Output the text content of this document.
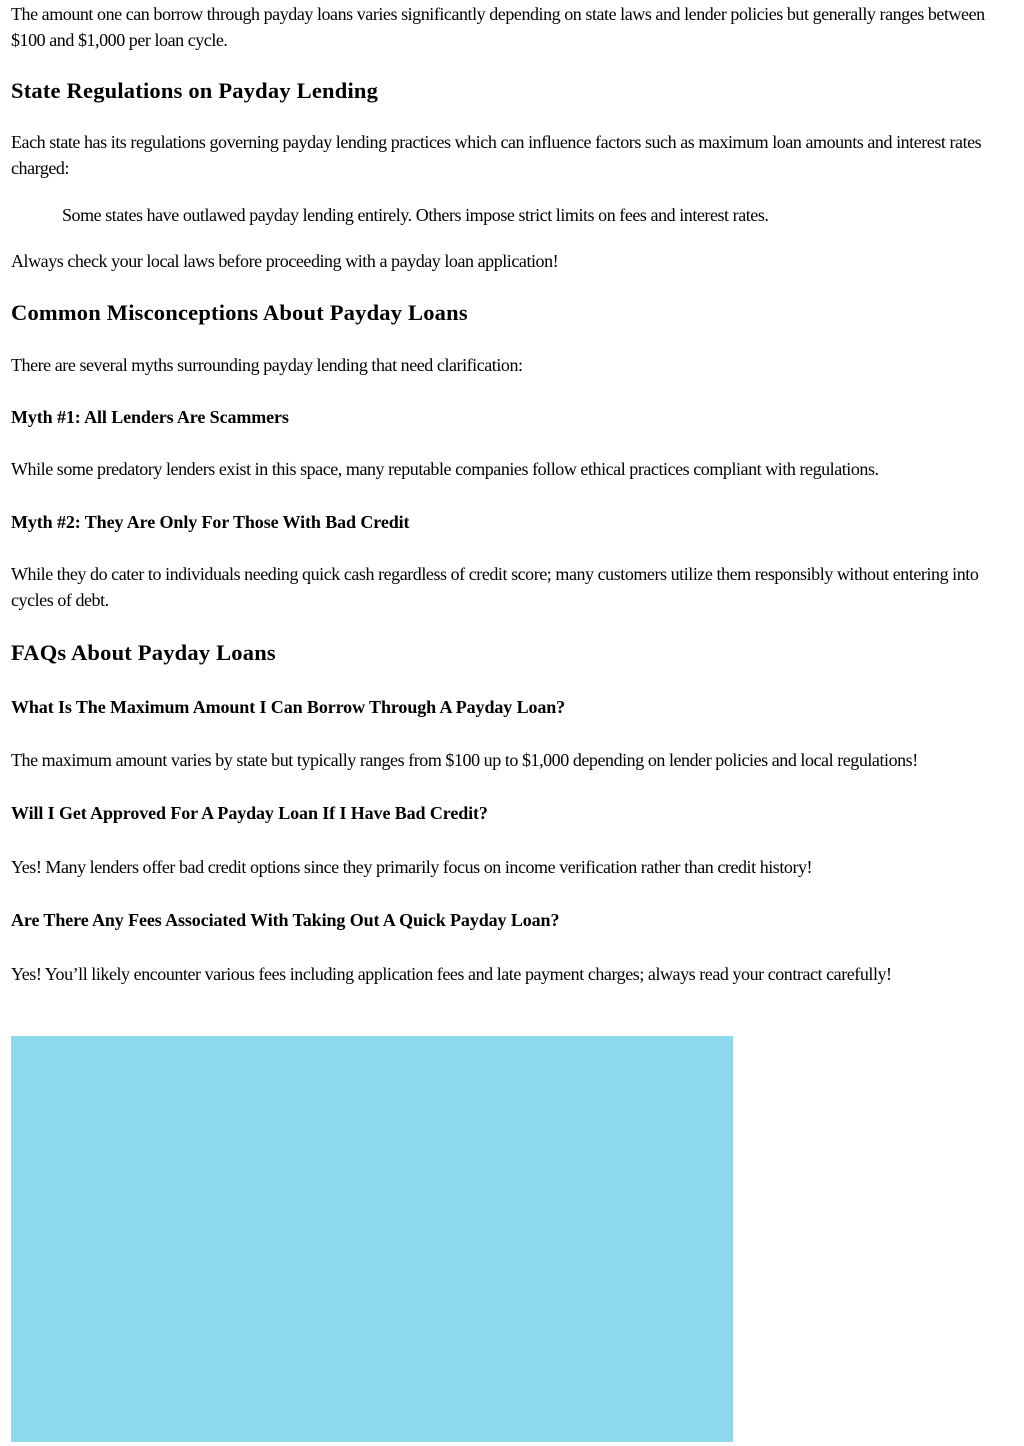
The amount one can borrow through payday loans varies significantly depending on state laws and lender policies but generally ranges between $100 and $1,000 per loan cycle.

State Regulations on Payday Lending

Each state has its regulations governing payday lending practices which can influence factors such as maximum loan amounts and interest rates charged:

Some states have outlawed payday lending entirely. Others impose strict limits on fees and interest rates.

Always check your local laws before proceeding with a payday loan application!

Common Misconceptions About Payday Loans

There are several myths surrounding payday lending that need clarification:

Myth #1: All Lenders Are Scammers

While some predatory lenders exist in this space, many reputable companies follow ethical practices compliant with regulations.

Myth #2: They Are Only For Those With Bad Credit

While they do cater to individuals needing quick cash regardless of credit score; many customers utilize them responsibly without entering into cycles of debt.

FAQs About Payday Loans
What Is The Maximum Amount I Can Borrow Through A Payday Loan?

The maximum amount varies by state but typically ranges from $100 up to $1,000 depending on lender policies and local regulations!

Will I Get Approved For A Payday Loan If I Have Bad Credit?

Yes! Many lenders offer bad credit options since they primarily focus on income verification rather than credit history!

Are There Any Fees Associated With Taking Out A Quick Payday Loan?

Yes! You’ll likely encounter various fees including application fees and late payment charges; always read your contract carefully!
